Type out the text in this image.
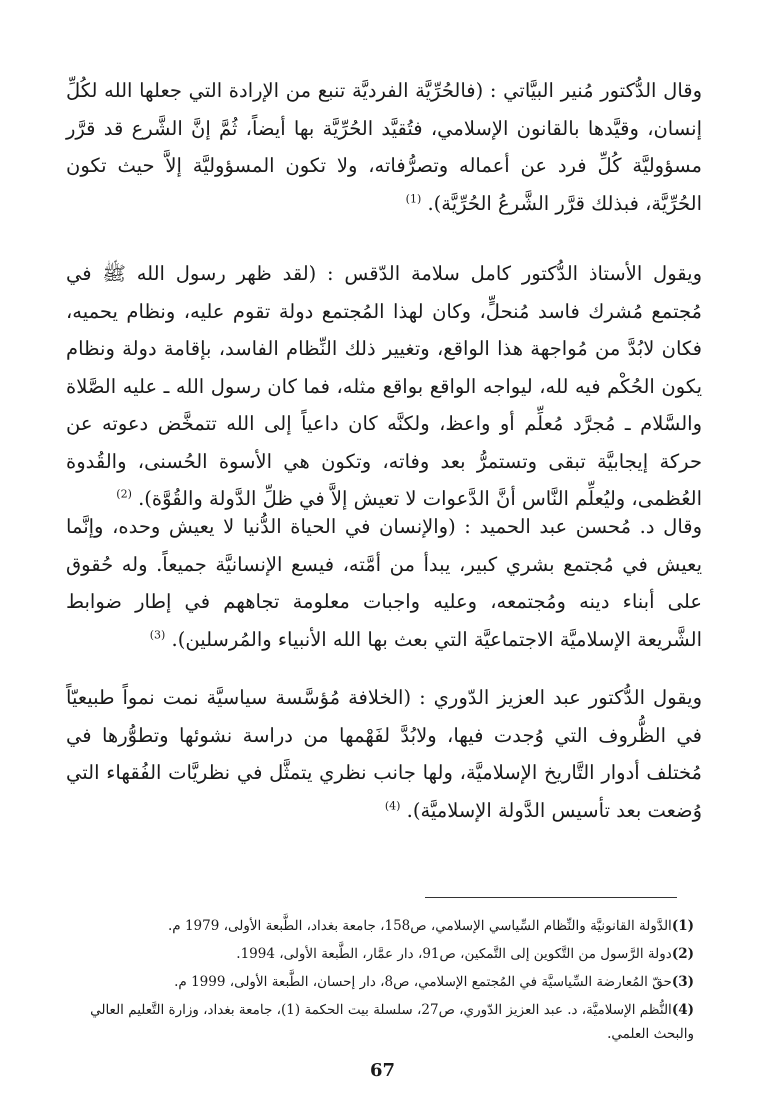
وقال الدُّكتور مُنير البيَّاتي : (فالحُرِّيَّة الفرديَّة تنبع من الإرادة التي جعلها الله لكُلِّ إنسان، وقيَّدها بالقانون الإسلامي، فتُقيَّد الحُرِّيَّة بها أيضاً، ثُمَّ إنَّ الشَّرع قد قرَّر مسؤوليَّة كُلِّ فرد عن أعماله وتصرُّفاته، ولا تكون المسؤوليَّة إلاَّ حيث تكون الحُرِّيَّة، فبذلك قرَّر الشَّرعُ الحُرِّيَّة). $^{(1)}$

ويقول الأستاذ الدُّكتور كامل سلامة الدّقس : (لقد ظهر رسول الله ﷺ في مُجتمع مُشرك فاسد مُنحلٍّ، وكان لهذا المُجتمع دولة تقوم عليه، ونظام يحميه، فكان لابُدَّ من مُواجهة هذا الواقع، وتغيير ذلك النِّظام الفاسد، بإقامة دولة ونظام يكون الحُكْم فيه لله، ليواجه الواقع بواقع مثله، فما كان رسول الله ـ عليه الصَّلاة والسَّلام ـ مُجرَّد مُعلِّم أو واعظ، ولكنَّه كان داعياً إلى الله تتمخَّض دعوته عن حركة إيجابيَّة تبقى وتستمرُّ بعد وفاته، وتكون هي الأسوة الحُسنى، والقُدوة العُظمى، وليُعلِّم النَّاس أنَّ الدَّعوات لا تعيش إلاَّ في ظلِّ الدَّولة والقُوَّة). $^{(2)}$

وقال د. مُحسن عبد الحميد : (والإنسان في الحياة الدُّنيا لا يعيش وحده، وإنَّما يعيش في مُجتمع بشري كبير، يبدأ من أمَّته، فيسع الإنسانيَّة جميعاً. وله حُقوق على أبناء دينه ومُجتمعه، وعليه واجبات معلومة تجاههم في إطار ضوابط الشَّريعة الإسلاميَّة الاجتماعيَّة التي بعث بها الله الأنبياء والمُرسلين). $^{(3)}$

ويقول الدُّكتور عبد العزيز الدّوري : (الخلافة مُؤسَّسة سياسيَّة نمت نمواً طبيعيّاً في الظُّروف التي وُجدت فيها، ولابُدَّ لفَهْمها من دراسة نشوئها وتطوُّرها في مُختلف أدوار التَّاريخ الإسلاميَّة، ولها جانب نظري يتمثَّل في نظريَّات الفُقهاء التي وُضعت بعد تأسيس الدَّولة الإسلاميَّة). $^{(4)}$

(1)الدَّولة القانونيَّة والنِّظام السِّياسي الإسلامي، ص158، جامعة بغداد، الطَّبعة الأولى، 1979 م.

(2)دولة الرَّسول من التَّكوين إلى التَّمكين، ص91، دار عمَّار، الطَّبعة الأولى، 1994.

(3)حقّ المُعارضة السِّياسيَّة في المُجتمع الإسلامي، ص8، دار إحسان، الطَّبعة الأولى، 1999 م.

(4)النُّظم الإسلاميَّة، د. عبد العزيز الدّوري، ص27، سلسلة بيت الحكمة (1)، جامعة بغداد، وزارة التَّعليم العالي والبحث العلمي.

67
